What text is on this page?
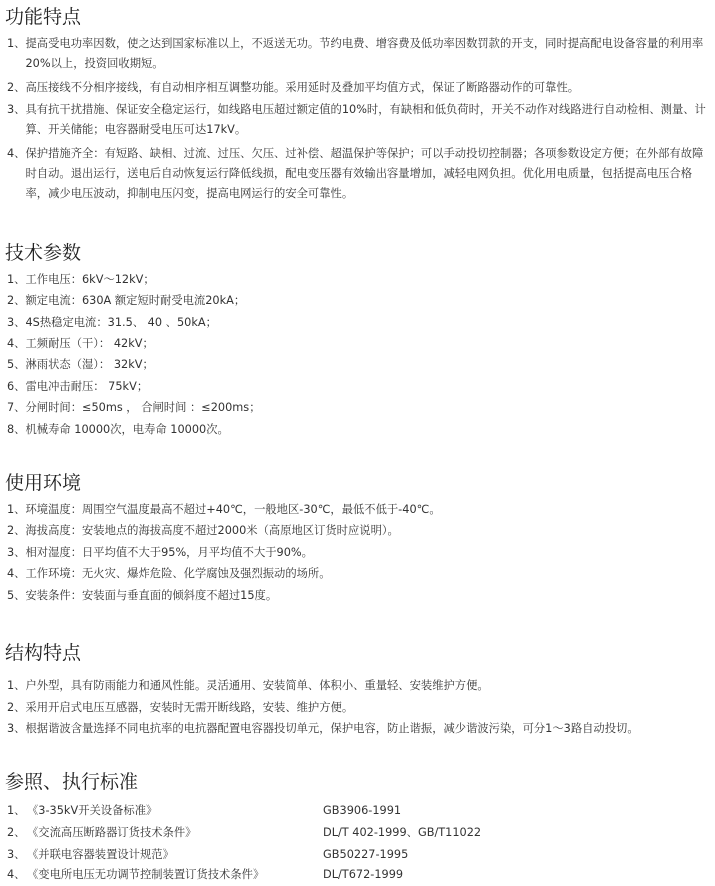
功能特点
1、 提高受电功率因数，使之达到国家标准以上，不返送无功。节约电费、增容费及低功率因数罚款的开支，同时提高配电设备容量的利用率20%以上，投资回收期短。
2、 高压接线不分相序接线，有自动相序相互调整功能。采用延时及叠加平均值方式，保证了断路器动作的可靠性。
3、 具有抗干扰措施、保证安全稳定运行，如线路电压超过额定值的10%时，有缺相和低负荷时，开关不动作对线路进行自动检相、测量、计算、开关储能；电容器耐受电压可达17kV。
4、 保护措施齐全：有短路、缺相、过流、过压、欠压、过补偿、超温保护等保护；可以手动投切控制器；各项参数设定方便；在外部有故障时自动。退出运行，送电后自动恢复运行降低线损，配电变压器有效输出容量增加，减轻电网负担。优化用电质量，包括提高电压合格率，减少电压波动，抑制电压闪变，提高电网运行的安全可靠性。
技术参数
1、 工作电压：6kV～12kV；
2、 额定电流：630A 额定短时耐受电流20kA；
3、 4S热稳定电流：31.5、 40 、50kA；
4、 工频耐压（干）： 42kV；
5、 淋雨状态（湿）： 32kV；
6、 雷电冲击耐压： 75kV；
7、 分闸时间：≤50ms ， 合闸时间 ：≤200ms；
8、 机械寿命 10000次，电寿命 10000次。
使用环境
1、 环境温度：周围空气温度最高不超过+40℃，一般地区-30℃，最低不低于-40℃。
2、 海拔高度：安装地点的海拔高度不超过2000米（高原地区订货时应说明）。
3、 相对湿度：日平均值不大于95%，月平均值不大于90%。
4、 工作环境：无火灾、爆炸危险、化学腐蚀及强烈振动的场所。
5、 安装条件：安装面与垂直面的倾斜度不超过15度。
结构特点
1、 户外型，具有防雨能力和通风性能。灵活通用、安装简单、体积小、重量轻、安装维护方便。
2、 采用开启式电压互感器，安装时无需开断线路，安装、维护方便。
3、 根据谐波含量选择不同电抗率的电抗器配置电容器投切单元，保护电容，防止谐振，减少谐波污染，可分1～3路自动投切。
参照、执行标准
1、 《3-35kV开关设备标准》	GB3906-1991
2、 《交流高压断路器订货技术条件》	DL/T 402-1999、GB/T11022
3、 《并联电容器装置设计规范》	GB50227-1995
4、 《变电所电压无功调节控制装置订货技术条件》	DL/T672-1999
